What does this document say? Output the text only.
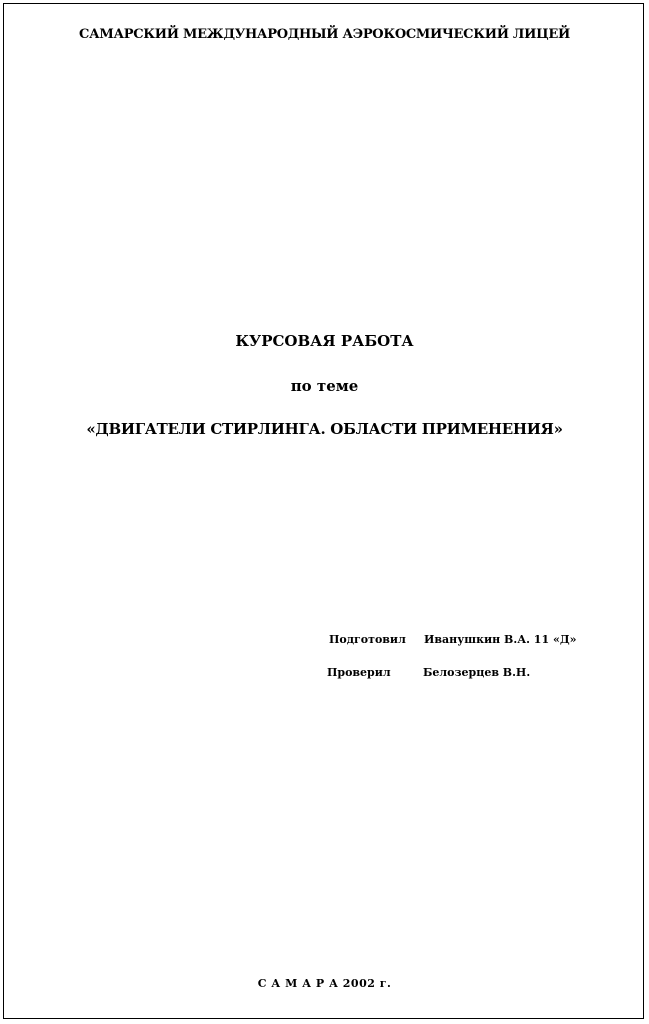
САМАРСКИЙ МЕЖДУНАРОДНЫЙ АЭРОКОСМИЧЕСКИЙ ЛИЦЕЙ
КУРСОВАЯ РАБОТА
по теме
«ДВИГАТЕЛИ СТИРЛИНГА. ОБЛАСТИ ПРИМЕНЕНИЯ»
Подготовил Иванушкин В.А. 11 «Д»
Проверил	Белозерцев В.Н.
С А М А Р А 2002 г.
